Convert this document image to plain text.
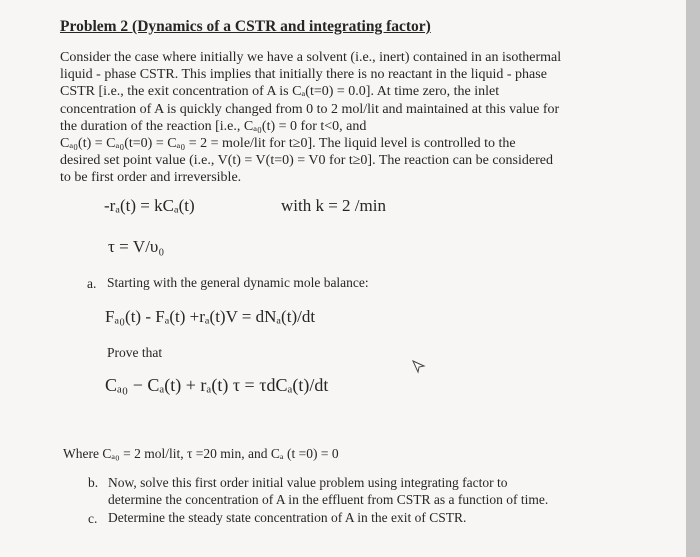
Problem 2 (Dynamics of a CSTR and integrating factor)
Consider the case where initially we have a solvent (i.e., inert) contained in an isothermal
liquid - phase CSTR. This implies that initially there is no reactant in the liquid - phase
CSTR [i.e., the exit concentration of A is Cₐ(t=0) = 0.0]. At time zero, the inlet
concentration of A is quickly changed from 0 to 2 mol/lit and maintained at this value for
the duration of the reaction [i.e., Cₐ₀(t) = 0 for t<0, and
Cₐ₀(t) = Cₐ₀(t=0) = Cₐ₀ = 2 = mole/lit for t≥0]. The liquid level is controlled to the
desired set point value (i.e., V(t) = V(t=0) = V0 for t≥0]. The reaction can be considered
to be first order and irreversible.
-rₐ(t) = kCₐ(t)	with k = 2 /min
τ = V/υ₀
a. Starting with the general dynamic mole balance:
Fₐ₀(t) - Fₐ(t) +rₐ(t)V = dNₐ(t)/dt
Prove that
Cₐ₀ − Cₐ(t) + rₐ(t) τ = τdCₐ(t)/dt
Where Cₐ₀ = 2 mol/lit, τ =20 min, and Cₐ (t =0) = 0
b. Now, solve this first order initial value problem using integrating factor to
determine the concentration of A in the effluent from CSTR as a function of time.
c. Determine the steady state concentration of A in the exit of CSTR.
